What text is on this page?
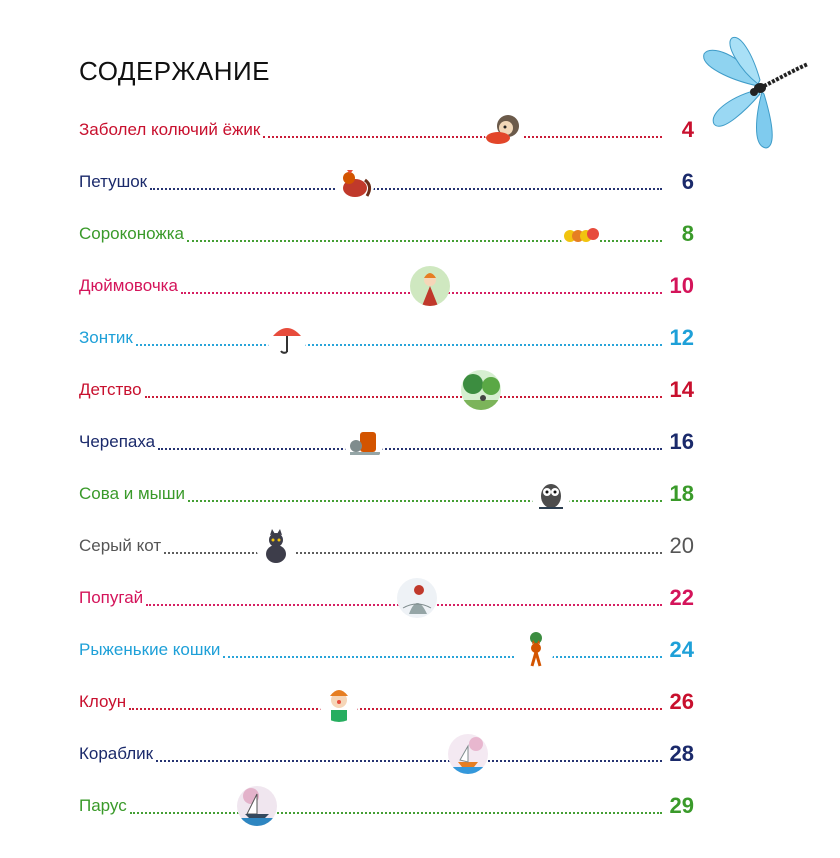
СОДЕРЖАНИЕ
Заболел колючий ёжик	4
Петушок	6
Сороконожка	8
Дюймовочка	10
Зонтик	12
Детство	14
Черепаха	16
Сова и мыши	18
Серый кот	20
Попугай	22
Рыженькие кошки	24
Клоун	26
Кораблик	28
Парус	29
